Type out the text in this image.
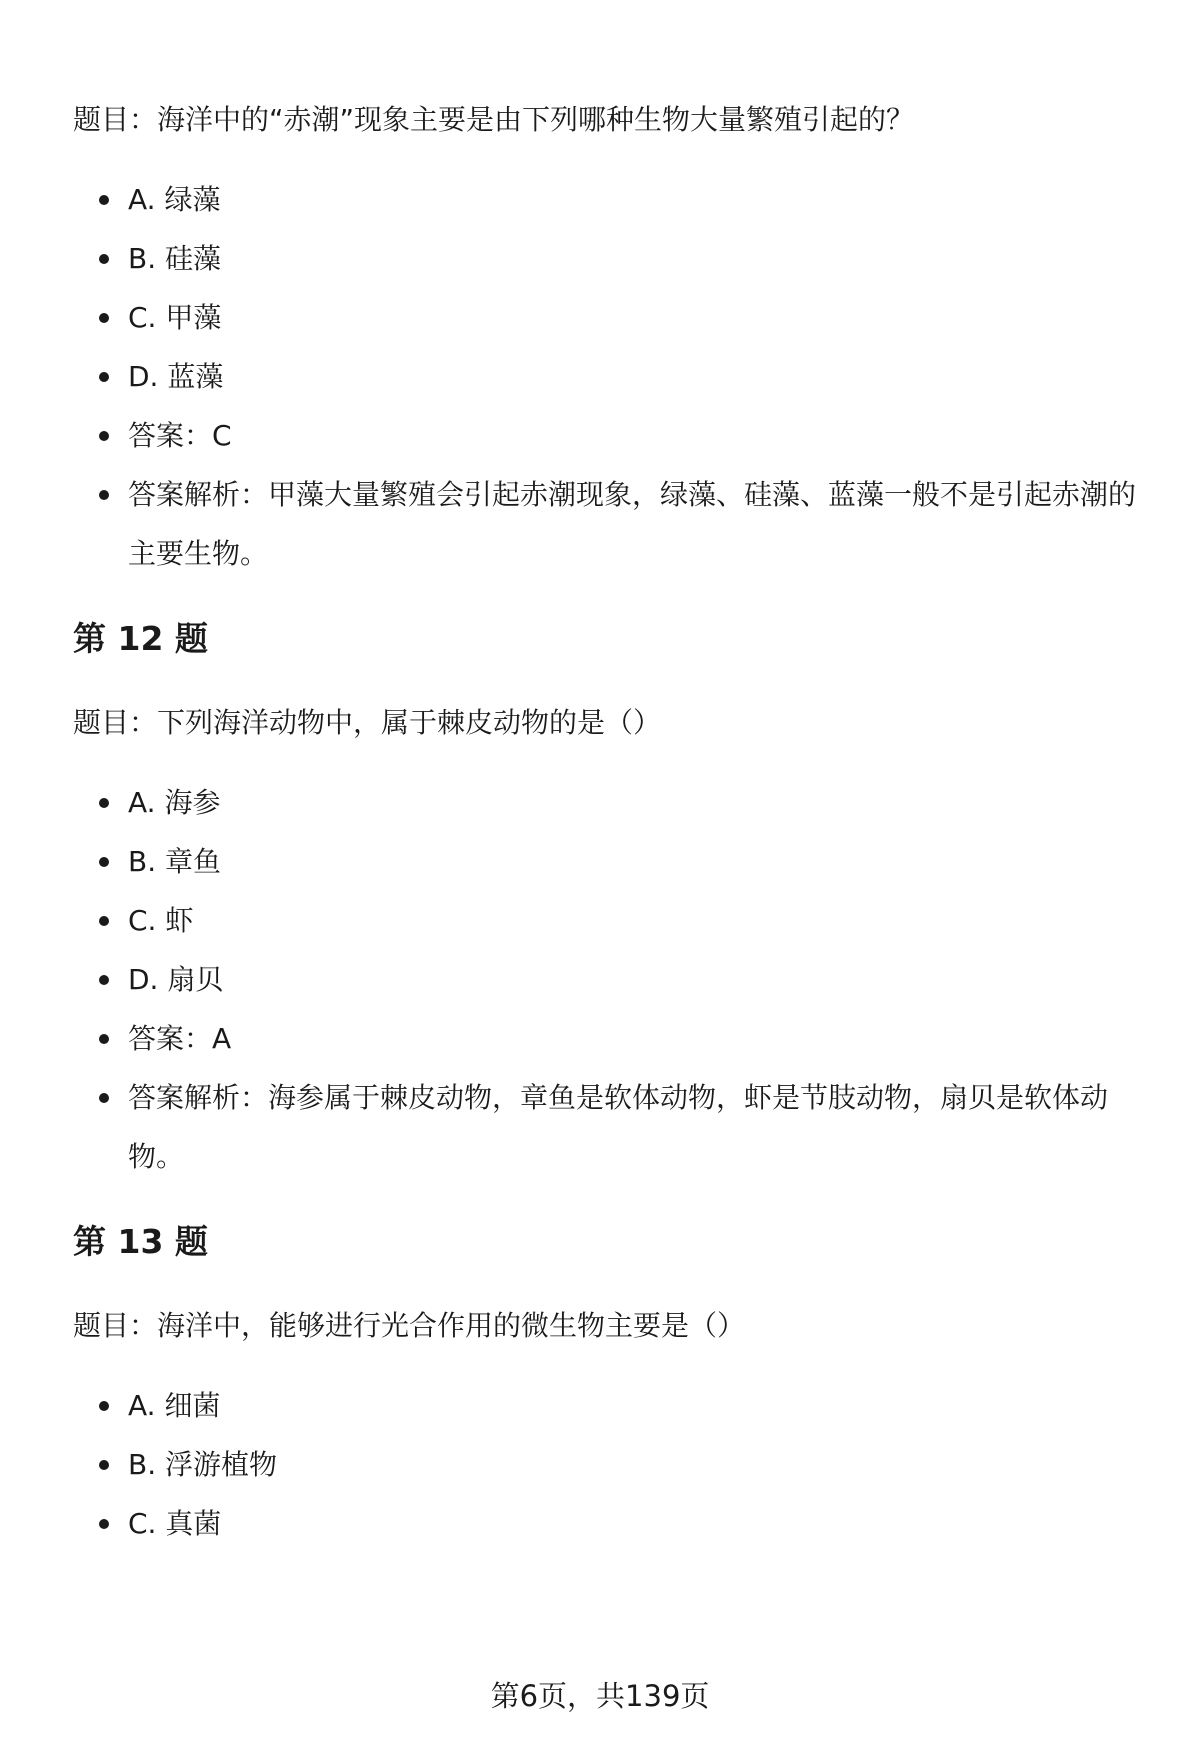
题目：海洋中的“赤潮”现象主要是由下列哪种生物大量繁殖引起的？

A. 绿藻
B. 硅藻
C. 甲藻
D. 蓝藻
答案：C
答案解析：甲藻大量繁殖会引起赤潮现象，绿藻、硅藻、蓝藻一般不是引起赤潮的主要生物。
第 12 题

题目：下列海洋动物中，属于棘皮动物的是（）

A. 海参
B. 章鱼
C. 虾
D. 扇贝
答案：A
答案解析：海参属于棘皮动物，章鱼是软体动物，虾是节肢动物，扇贝是软体动物。
第 13 题

题目：海洋中，能够进行光合作用的微生物主要是（）

A. 细菌
B. 浮游植物
C. 真菌
第6页，共139页
